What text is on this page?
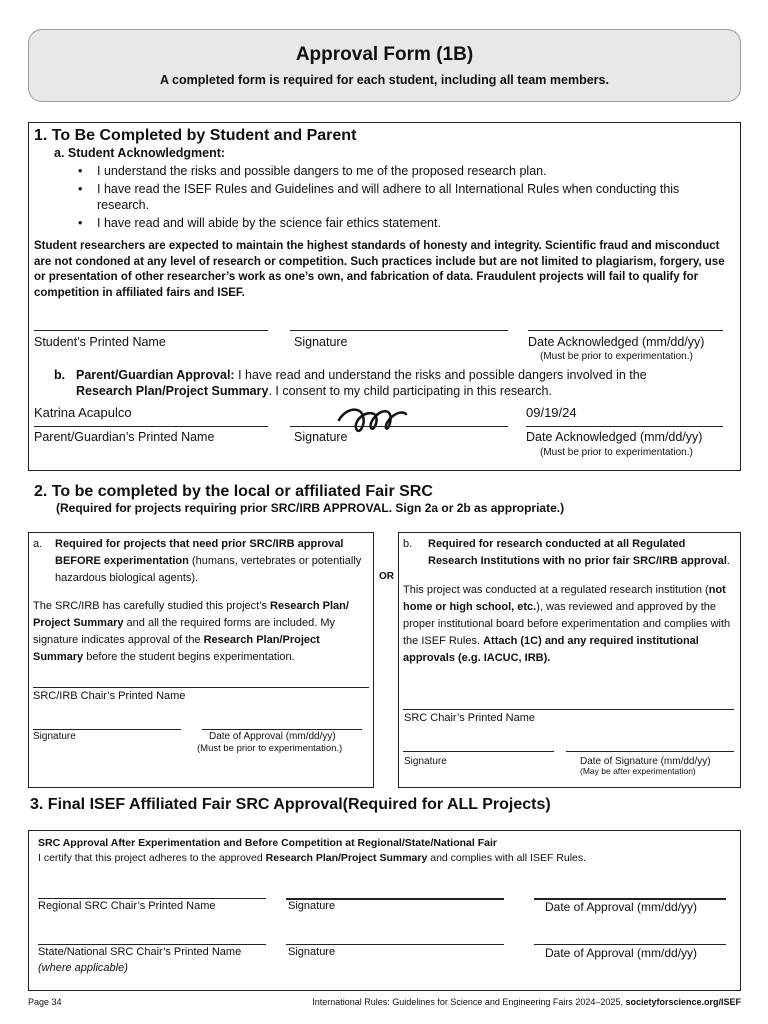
Approval Form (1B)
A completed form is required for each student, including all team members.
1. To Be Completed by Student and Parent
a. Student Acknowledgment:
• I understand the risks and possible dangers to me of the proposed research plan.
• I have read the ISEF Rules and Guidelines and will adhere to all International Rules when conducting this research.
• I have read and will abide by the science fair ethics statement.
Student researchers are expected to maintain the highest standards of honesty and integrity. Scientific fraud and misconduct are not condoned at any level of research or competition. Such practices include but are not limited to plagiarism, forgery, use or presentation of other researcher’s work as one’s own, and fabrication of data. Fraudulent projects will fail to qualify for competition in affiliated fairs and ISEF.
Student’s Printed Name	Signature	Date Acknowledged (mm/dd/yy)
(Must be prior to experimentation.)
b. Parent/Guardian Approval: I have read and understand the risks and possible dangers involved in the
Research Plan/Project Summary. I consent to my child participating in this research.
Katrina Acapulco	09/19/24
Parent/Guardian’s Printed Name	Signature	Date Acknowledged (mm/dd/yy)
(Must be prior to experimentation.)
2. To be completed by the local or affiliated Fair SRC
(Required for projects requiring prior SRC/IRB APPROVAL. Sign 2a or 2b as appropriate.)
a. Required for projects that need prior SRC/IRB approval BEFORE experimentation (humans, vertebrates or potentially hazardous biological agents).
The SRC/IRB has carefully studied this project’s Research Plan/ Project Summary and all the required forms are included. My signature indicates approval of the Research Plan/Project Summary before the student begins experimentation.
SRC/IRB Chair’s Printed Name
Signature	Date of Approval (mm/dd/yy)
(Must be prior to experimentation.)
OR
b. Required for research conducted at all Regulated Research Institutions with no prior fair SRC/IRB approval.
This project was conducted at a regulated research institution (not home or high school, etc.), was reviewed and approved by the proper institutional board before experimentation and complies with the ISEF Rules. Attach (1C) and any required institutional approvals (e.g. IACUC, IRB).
SRC Chair’s Printed Name
Signature	Date of Signature (mm/dd/yy)
(May be after experimentation)
3. Final ISEF Affiliated Fair SRC Approval(Required for ALL Projects)
SRC Approval After Experimentation and Before Competition at Regional/State/National Fair
I certify that this project adheres to the approved Research Plan/Project Summary and complies with all ISEF Rules.
Regional SRC Chair’s Printed Name	Signature	Date of Approval (mm/dd/yy)
State/National SRC Chair’s Printed Name
(where applicable)
Signature	Date of Approval (mm/dd/yy)
Page 34	International Rules: Guidelines for Science and Engineering Fairs 2024–2025, societyforscience.org/ISEF
